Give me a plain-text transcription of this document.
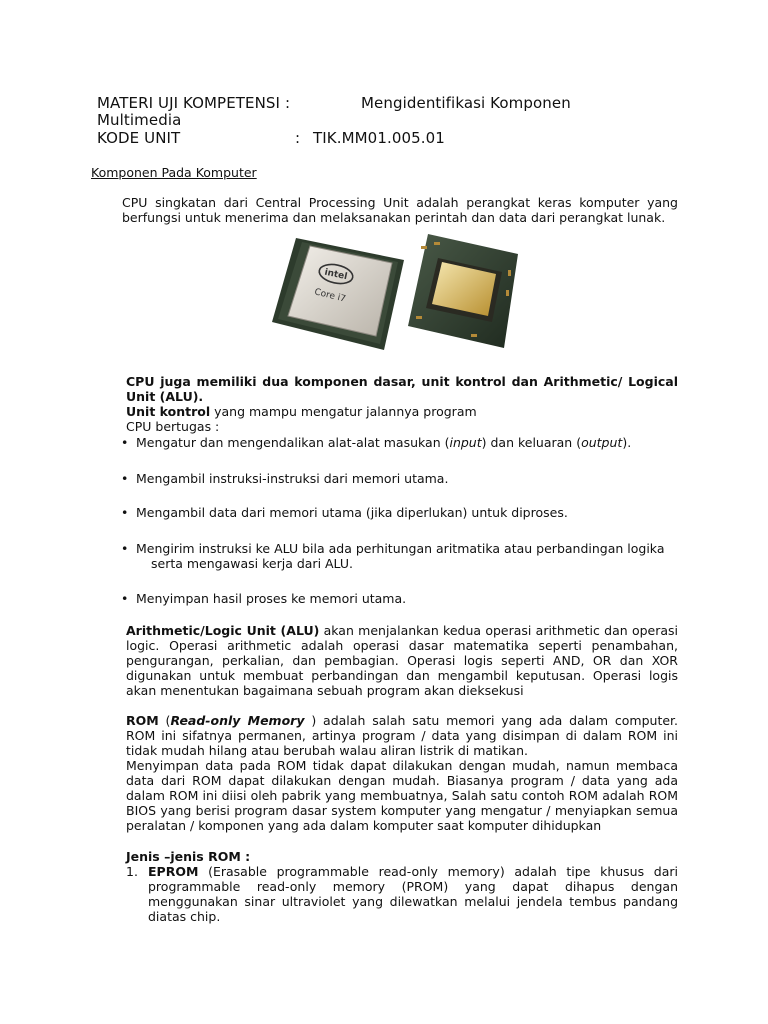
MATERI UJI KOMPETENSI :	Mengidentifikasi Komponen
Multimedia
KODE UNIT	: TIK.MM01.005.01
Komponen Pada Komputer
CPU singkatan dari Central Processing Unit adalah perangkat keras komputer yang
berfungsi untuk menerima dan melaksanakan perintah dan data dari perangkat lunak.
intel
Core i7
CPU juga memiliki dua komponen dasar, unit kontrol dan Arithmetic/ Logical
Unit (ALU).
Unit kontrol yang mampu mengatur jalannya program
CPU bertugas :
• Mengatur dan mengendalikan alat-alat masukan (input) dan keluaran (output).
• Mengambil instruksi-instruksi dari memori utama.
• Mengambil data dari memori utama (jika diperlukan) untuk diproses.
• Mengirim instruksi ke ALU bila ada perhitungan aritmatika atau perbandingan logika
serta mengawasi kerja dari ALU.
• Menyimpan hasil proses ke memori utama.
Arithmetic/Logic Unit (ALU) akan menjalankan kedua operasi arithmetic dan operasi
logic. Operasi arithmetic adalah operasi dasar matematika seperti penambahan,
pengurangan, perkalian, dan pembagian. Operasi logis seperti AND, OR dan XOR
digunakan untuk membuat perbandingan dan mengambil keputusan. Operasi logis
akan menentukan bagaimana sebuah program akan dieksekusi
ROM (Read-only Memory ) adalah salah satu memori yang ada dalam computer.
ROM ini sifatnya permanen, artinya program / data yang disimpan di dalam ROM ini
tidak mudah hilang atau berubah walau aliran listrik di matikan.
Menyimpan data pada ROM tidak dapat dilakukan dengan mudah, namun membaca
data dari ROM dapat dilakukan dengan mudah. Biasanya program / data yang ada
dalam ROM ini diisi oleh pabrik yang membuatnya, Salah satu contoh ROM adalah ROM
BIOS yang berisi program dasar system komputer yang mengatur / menyiapkan semua
peralatan / komponen yang ada dalam komputer saat komputer dihidupkan
Jenis –jenis ROM :
1. EPROM (Erasable programmable read-only memory) adalah tipe khusus dari
programmable read-only memory (PROM) yang dapat dihapus dengan
menggunakan sinar ultraviolet yang dilewatkan melalui jendela tembus pandang
diatas chip.
